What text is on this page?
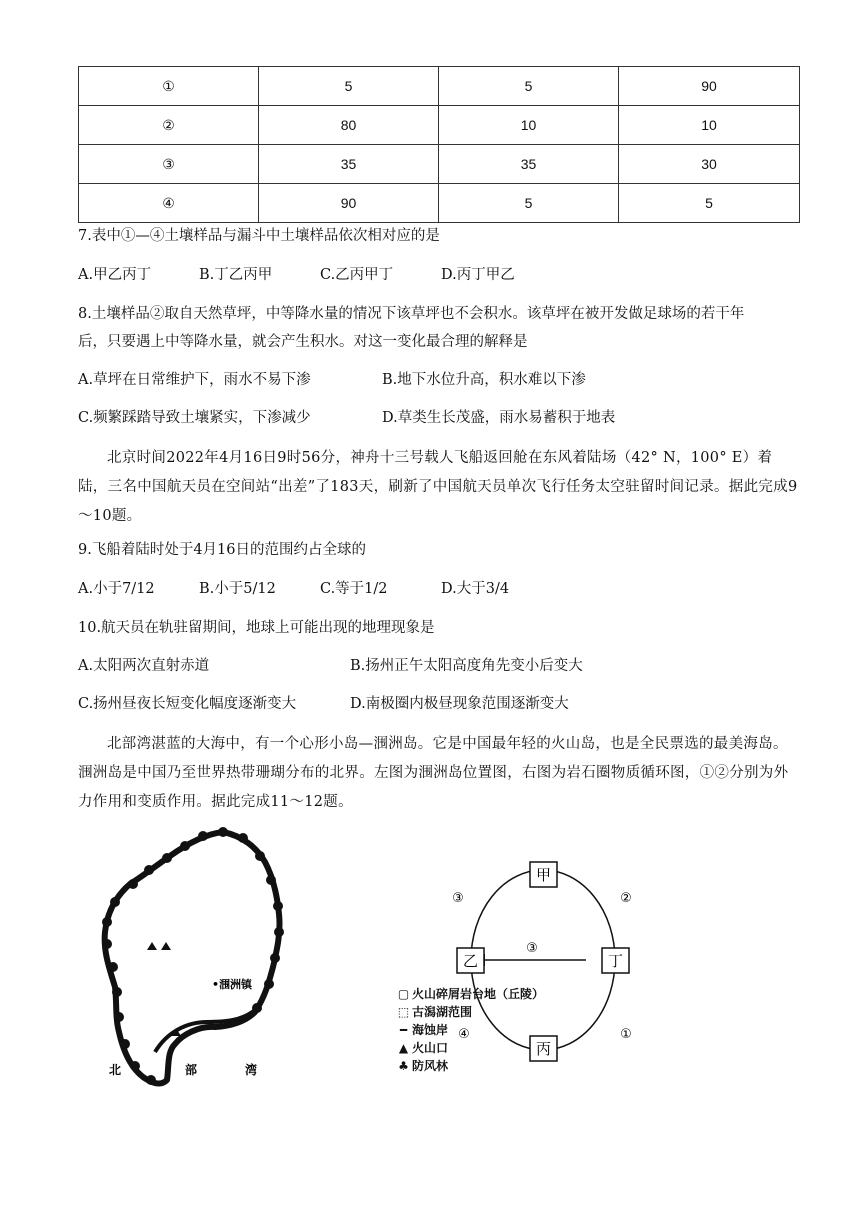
①	5	5	90
②	80	10	10
③	35	35	30
④	90	5	5
7.表中①—④土壤样品与漏斗中土壤样品依次相对应的是
A.甲乙丙丁	B.丁乙丙甲	C.乙丙甲丁	D.丙丁甲乙
8.土壤样品②取自天然草坪，中等降水量的情况下该草坪也不会积水。该草坪在被开发做足球场的若干年
后，只要遇上中等降水量，就会产生积水。对这一变化最合理的解释是
A.草坪在日常维护下，雨水不易下渗	B.地下水位升高，积水难以下渗
C.频繁踩踏导致土壤紧实，下渗减少	D.草类生长茂盛，雨水易蓄积于地表
北京时间2022年4月16日9时56分，神舟十三号载人飞船返回舱在东风着陆场（42° N，100° E）着陆，三名中国航天员在空间站“出差”了183天，刷新了中国航天员单次飞行任务太空驻留时间记录。据此完成9～10题。
9.飞船着陆时处于4月16日的范围约占全球的
A.小于7/12	B.小于5/12	C.等于1/2	D.大于3/4
10.航天员在轨驻留期间，地球上可能出现的地理现象是
A.太阳两次直射赤道	B.扬州正午太阳高度角先变小后变大
C.扬州昼夜长短变化幅度逐渐变大	D.南极圈内极昼现象范围逐渐变大
北部湾湛蓝的大海中，有一个心形小岛—涠洲岛。它是中国最年轻的火山岛，也是全民票选的最美海岛。涠洲岛是中国乃至世界热带珊瑚分布的北界。左图为涠洲岛位置图，右图为岩石圈物质循环图，①②分别为外力作用和变质作用。据此完成11～12题。
•涠洲镇
北	部	湾
▢ 火山碎屑岩台地（丘陵）
⬚ 古潟湖范围
━ 海蚀岸
▲ 火山口
♣ 防风林
甲
乙	丁
丙
③	②
③
④	①
